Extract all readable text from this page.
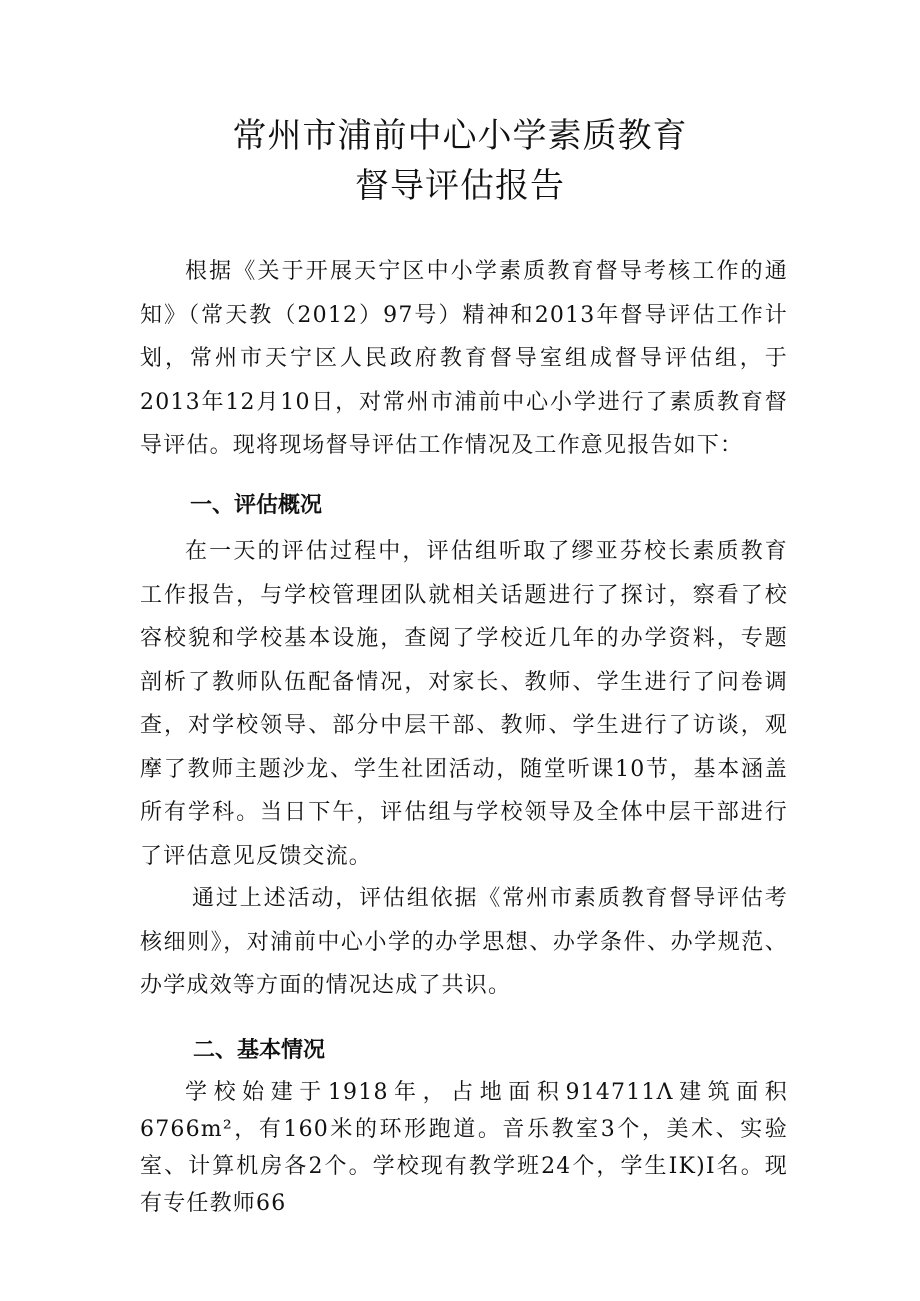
常州市浦前中心小学素质教育
督导评估报告

根据《关于开展天宁区中小学素质教育督导考核工作的通知》（常天教（2012）97号）精神和2013年督导评估工作计划，常州市天宁区人民政府教育督导室组成督导评估组，于2013年12月10日，对常州市浦前中心小学进行了素质教育督导评估。现将现场督导评估工作情况及工作意见报告如下：

一、评估概况

在一天的评估过程中，评估组听取了缪亚芬校长素质教育工作报告，与学校管理团队就相关话题进行了探讨，察看了校容校貌和学校基本设施，查阅了学校近几年的办学资料，专题剖析了教师队伍配备情况，对家长、教师、学生进行了问卷调查，对学校领导、部分中层干部、教师、学生进行了访谈，观摩了教师主题沙龙、学生社团活动，随堂听课10节，基本涵盖所有学科。当日下午，评估组与学校领导及全体中层干部进行了评估意见反馈交流。

通过上述活动，评估组依据《常州市素质教育督导评估考核细则》，对浦前中心小学的办学思想、办学条件、办学规范、办学成效等方面的情况达成了共识。

二、基本情况

学校始建于1918年，占地面积914711Λ建筑面积6766m²，有160米的环形跑道。音乐教室3个，美术、实验室、计算机房各2个。学校现有教学班24个，学生IK)I名。现有专任教师66
